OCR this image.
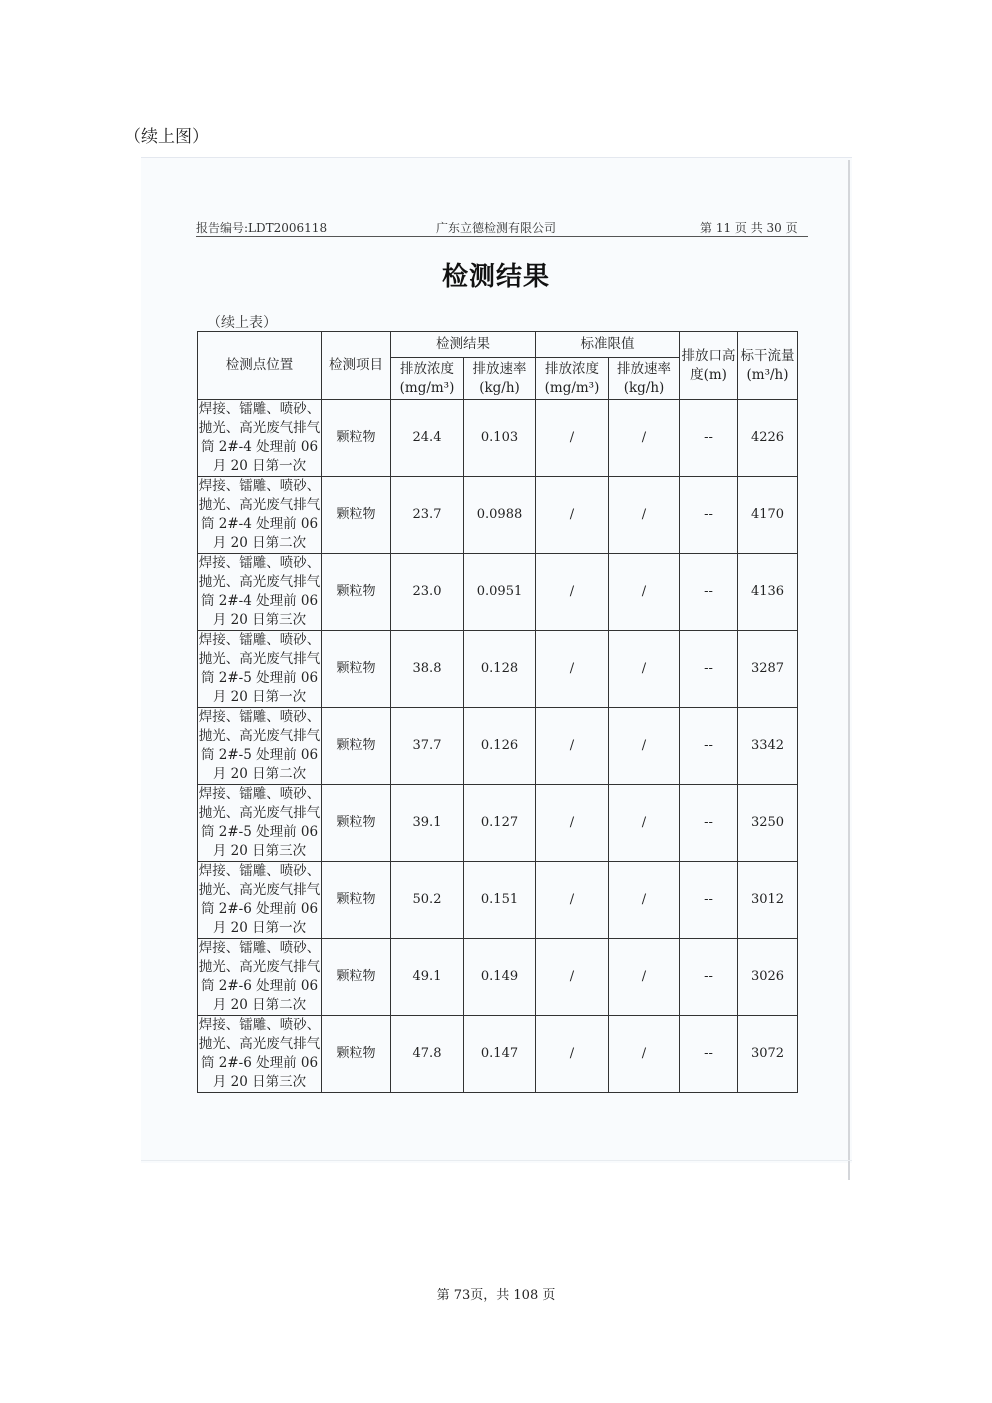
（续上图）
报告编号:LDT2006118	广东立德检测有限公司	第 11 页 共 30 页
检测结果
（续上表）
检测点位置	检测项目	检测结果		标准限值		排放口高度(m)	标干流量(m³/h)
		排放浓度(mg/m³)	排放速率(kg/h)	排放浓度(mg/m³)	排放速率(kg/h)		
焊接、镭雕、喷砂、抛光、高光废气排气筒 2#-4 处理前 06 月 20 日第一次	颗粒物	24.4	0.103	/	/	--	4226
焊接、镭雕、喷砂、抛光、高光废气排气筒 2#-4 处理前 06 月 20 日第二次	颗粒物	23.7	0.0988	/	/	--	4170
焊接、镭雕、喷砂、抛光、高光废气排气筒 2#-4 处理前 06 月 20 日第三次	颗粒物	23.0	0.0951	/	/	--	4136
焊接、镭雕、喷砂、抛光、高光废气排气筒 2#-5 处理前 06 月 20 日第一次	颗粒物	38.8	0.128	/	/	--	3287
焊接、镭雕、喷砂、抛光、高光废气排气筒 2#-5 处理前 06 月 20 日第二次	颗粒物	37.7	0.126	/	/	--	3342
焊接、镭雕、喷砂、抛光、高光废气排气筒 2#-5 处理前 06 月 20 日第三次	颗粒物	39.1	0.127	/	/	--	3250
焊接、镭雕、喷砂、抛光、高光废气排气筒 2#-6 处理前 06 月 20 日第一次	颗粒物	50.2	0.151	/	/	--	3012
焊接、镭雕、喷砂、抛光、高光废气排气筒 2#-6 处理前 06 月 20 日第二次	颗粒物	49.1	0.149	/	/	--	3026
焊接、镭雕、喷砂、抛光、高光废气排气筒 2#-6 处理前 06 月 20 日第三次	颗粒物	47.8	0.147	/	/	--	3072
第 73页，共 108 页
